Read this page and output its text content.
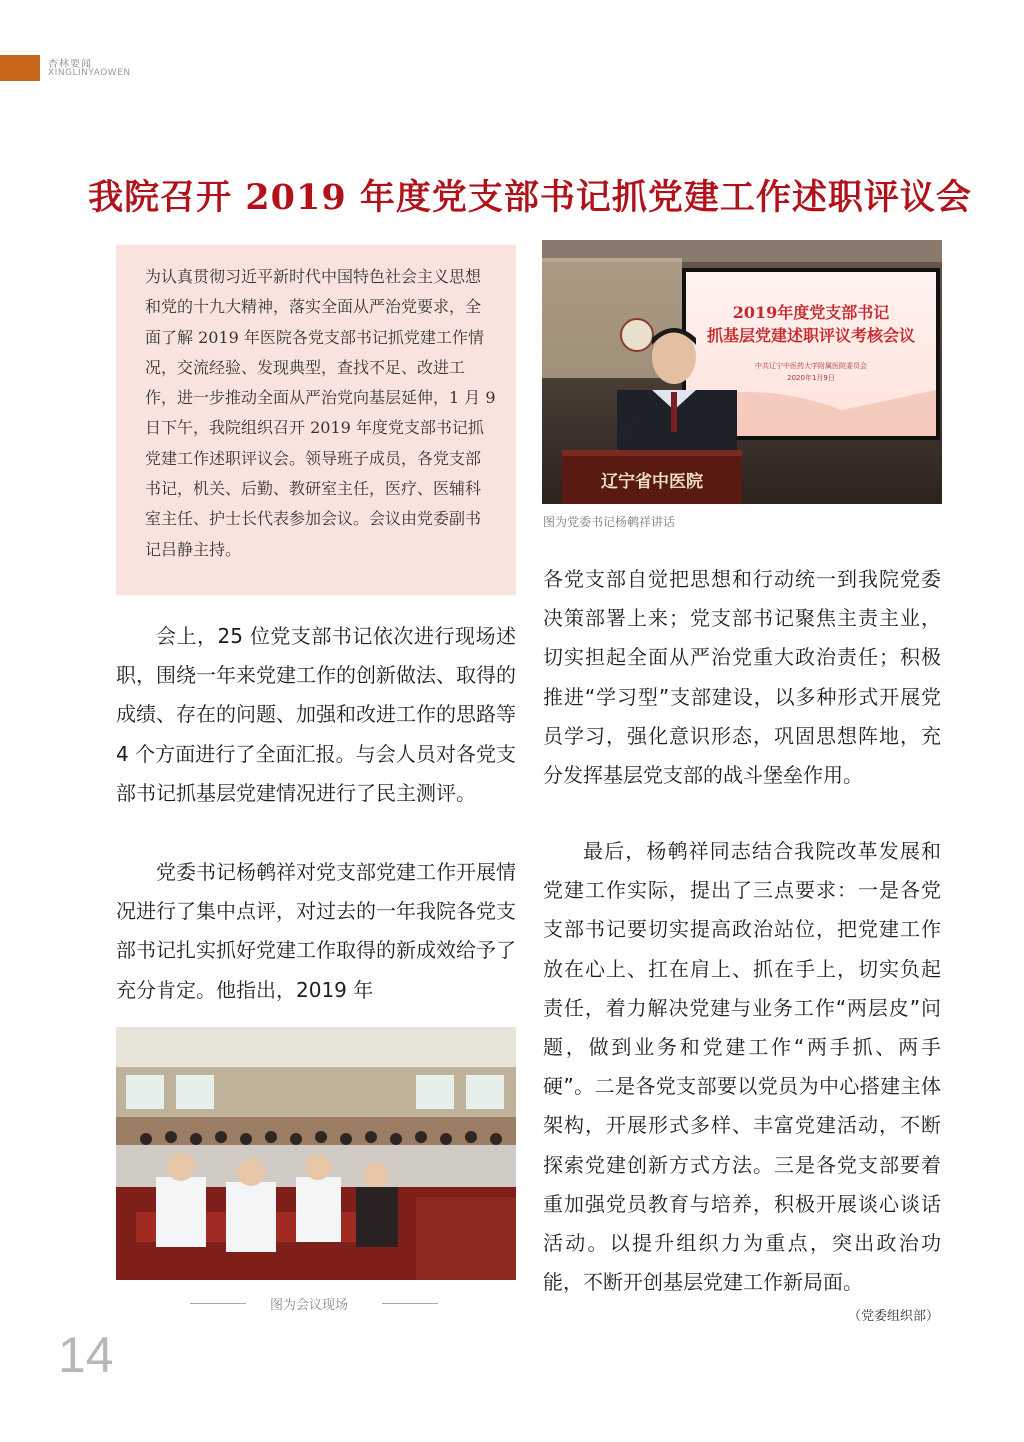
杏林要闻
XINGLINYAOWEN
我院召开 2019 年度党支部书记抓党建工作述职评议会
为认真贯彻习近平新时代中国特色社会主义思想和党的十九大精神，落实全面从严治党要求，全面了解 2019 年医院各党支部书记抓党建工作情况，交流经验、发现典型，查找不足、改进工作，进一步推动全面从严治党向基层延伸，1 月 9 日下午，我院组织召开 2019 年度党支部书记抓党建工作述职评议会。领导班子成员，各党支部书记，机关、后勤、教研室主任，医疗、医辅科室主任、护士长代表参加会议。会议由党委副书记吕静主持。
会上，25 位党支部书记依次进行现场述职，围绕一年来党建工作的创新做法、取得的成绩、存在的问题、加强和改进工作的思路等 4 个方面进行了全面汇报。与会人员对各党支部书记抓基层党建情况进行了民主测评。
党委书记杨鹌祥对党支部党建工作开展情况进行了集中点评，对过去的一年我院各党支部书记扎实抓好党建工作取得的新成效给予了充分肯定。他指出，2019 年
2019年度党支部书记
抓基层党建述职评议考核会议
中共辽宁中医药大学附属医院委员会
2020年1月9日
辽宁省中医院
图为党委书记杨鹌祥讲话
各党支部自觉把思想和行动统一到我院党委决策部署上来；党支部书记聚焦主责主业，切实担起全面从严治党重大政治责任；积极推进“学习型”支部建设，以多种形式开展党员学习，强化意识形态，巩固思想阵地，充分发挥基层党支部的战斗堡垒作用。
最后，杨鹌祥同志结合我院改革发展和党建工作实际，提出了三点要求：一是各党支部书记要切实提高政治站位，把党建工作放在心上、扛在肩上、抓在手上，切实负起责任，着力解决党建与业务工作“两层皮”问题，做到业务和党建工作“两手抓、两手硬”。二是各党支部要以党员为中心搭建主体架构，开展形式多样、丰富党建活动，不断探索党建创新方式方法。三是各党支部要着重加强党员教育与培养，积极开展谈心谈话活动。以提升组织力为重点，突出政治功能，不断开创基层党建工作新局面。
（党委组织部）
图为会议现场
14
